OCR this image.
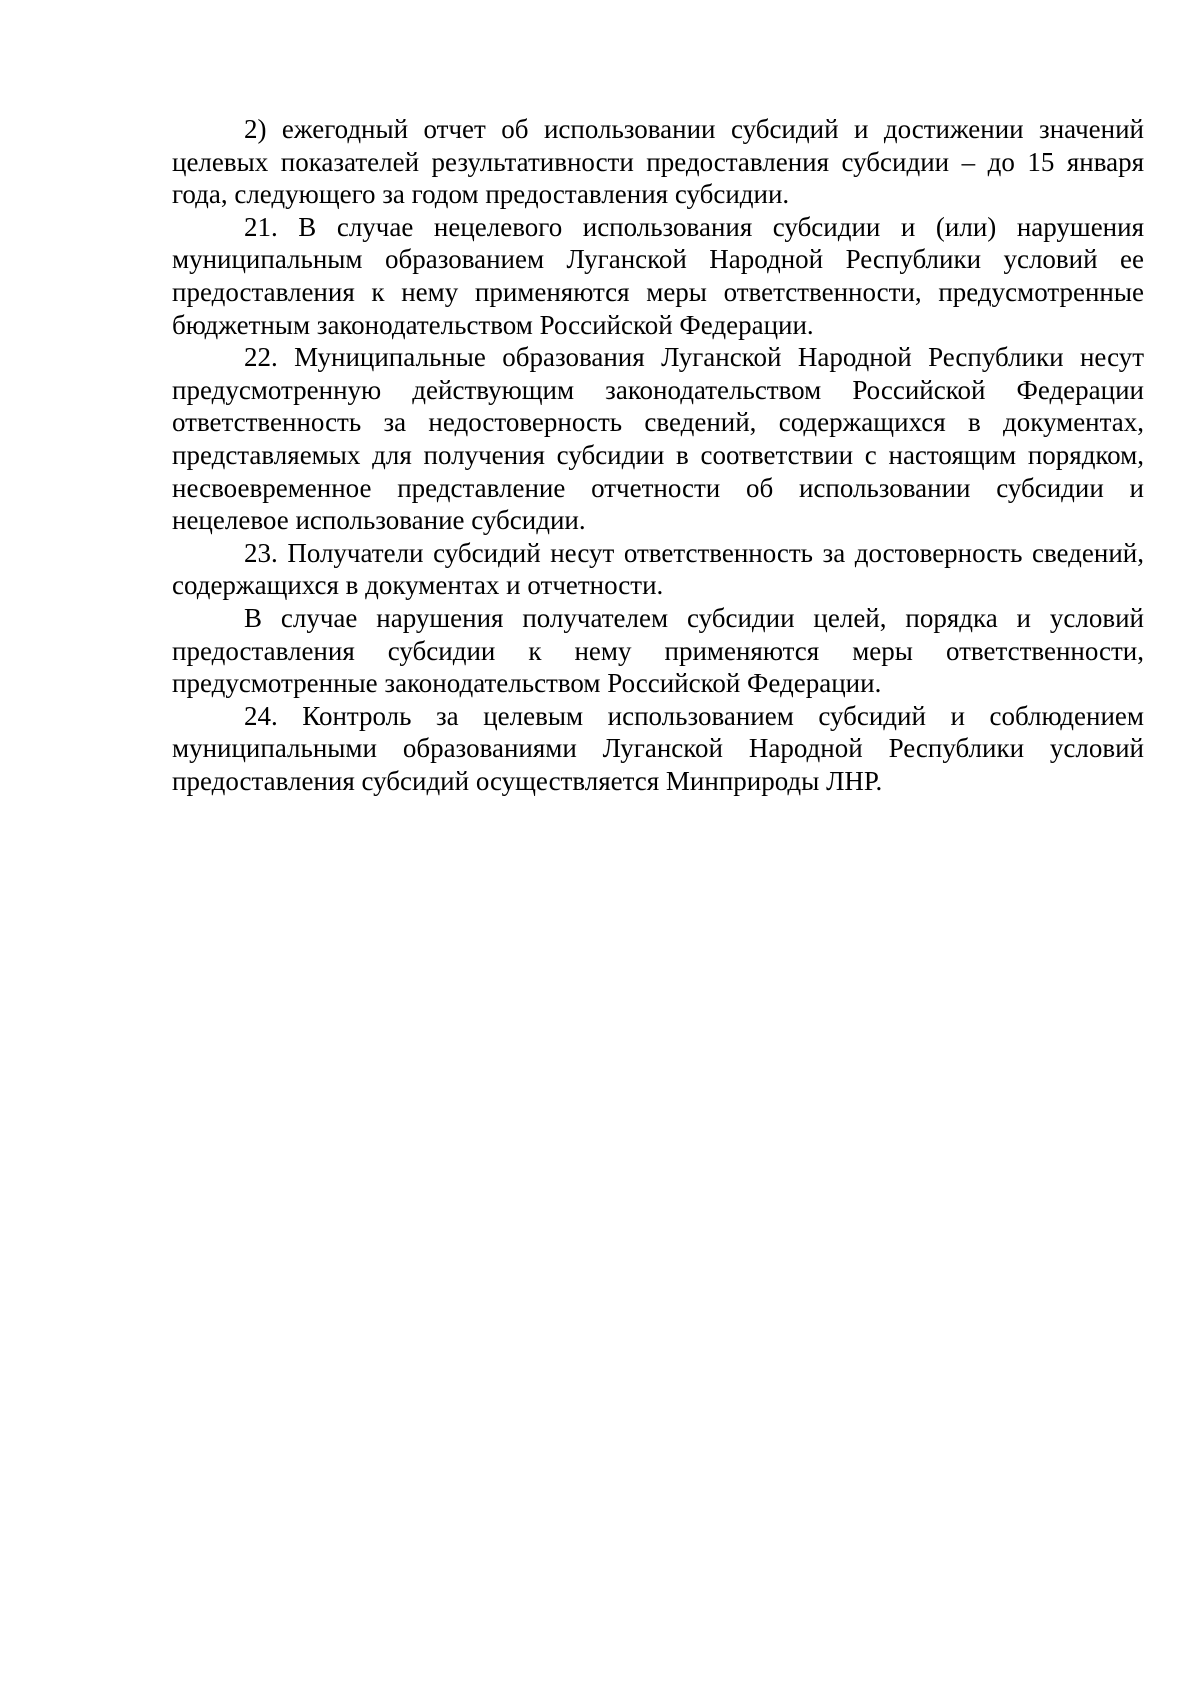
2) ежегодный отчет об использовании субсидий и достижении значений целевых показателей результативности предоставления субсидии – до 15 января года, следующего за годом предоставления субсидии.

21. В случае нецелевого использования субсидии и (или) нарушения муниципальным образованием Луганской Народной Республики условий ее предоставления к нему применяются меры ответственности, предусмотренные бюджетным законодательством Российской Федерации.

22. Муниципальные образования Луганской Народной Республики несут предусмотренную действующим законодательством Российской Федерации ответственность за недостоверность сведений, содержащихся в документах, представляемых для получения субсидии в соответствии с настоящим порядком, несвоевременное представление отчетности об использовании субсидии и нецелевое использование субсидии.

23. Получатели субсидий несут ответственность за достоверность сведений, содержащихся в документах и отчетности.

В случае нарушения получателем субсидии целей, порядка и условий предоставления субсидии к нему применяются меры ответственности, предусмотренные законодательством Российской Федерации.

24. Контроль за целевым использованием субсидий и соблюдением муниципальными образованиями Луганской Народной Республики условий предоставления субсидий осуществляется Минприроды ЛНР.
